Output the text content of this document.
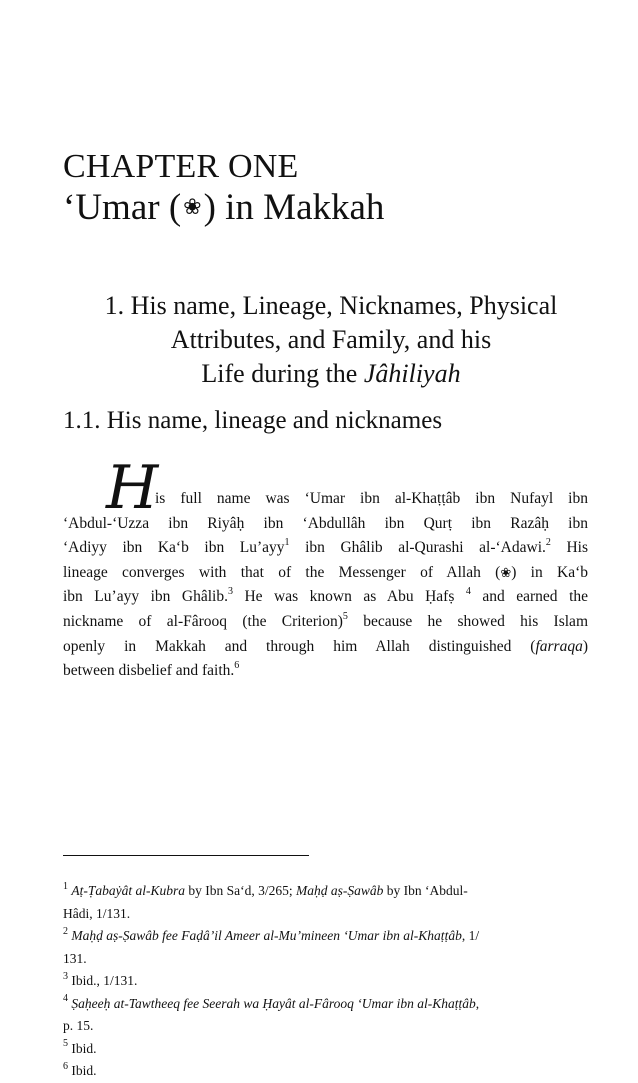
CHAPTER ONE
‘Umar ( ❀ ) in Makkah
1. His name, Lineage, Nicknames, Physical
Attributes, and Family, and his
Life during the Jâhiliyah
1.1. His name, lineage and nicknames
H
is full name was ‘Umar ibn al-Khaṭṭâb ibn Nufayl ibn
‘Abdul-‘Uzza ibn Riyâḥ ibn ‘Abdullâh ibn Qurṭ ibn Razâḥ ibn
‘Adiyy ibn Ka‘b ibn Lu’ayy$^1$ ibn Ghâlib al-Qurashi al-‘Adawi.$^2$ His
lineage converges with that of the Messenger of Allah (❀) in Ka‘b
ibn Lu’ayy ibn Ghâlib.$^3$ He was known as Abu Ḥafṣ $^4$ and earned the
nickname of al-Fârooq (the Criterion)$^5$ because he showed his Islam
openly in Makkah and through him Allah distinguished (farraqa)
between disbelief and faith.$^6$
$^1$ Aṭ-Ṭabaẏât al-Kubra by Ibn Sa‘d, 3/265; Maḥḍ aṣ-Ṣawâb by Ibn ‘Abdul-
Hâdi, 1/131.
$^2$ Maḥḍ aṣ-Ṣawâb fee Faḍâ’il Ameer al-Mu’mineen ‘Umar ibn al-Khaṭṭâb, 1/
131.
$^3$ Ibid., 1/131.
$^4$ Ṣaḥeeḥ at-Tawtheeq fee Seerah wa Ḥayât al-Fârooq ‘Umar ibn al-Khaṭṭâb,
p. 15.
$^5$ Ibid.
$^6$ Ibid.
